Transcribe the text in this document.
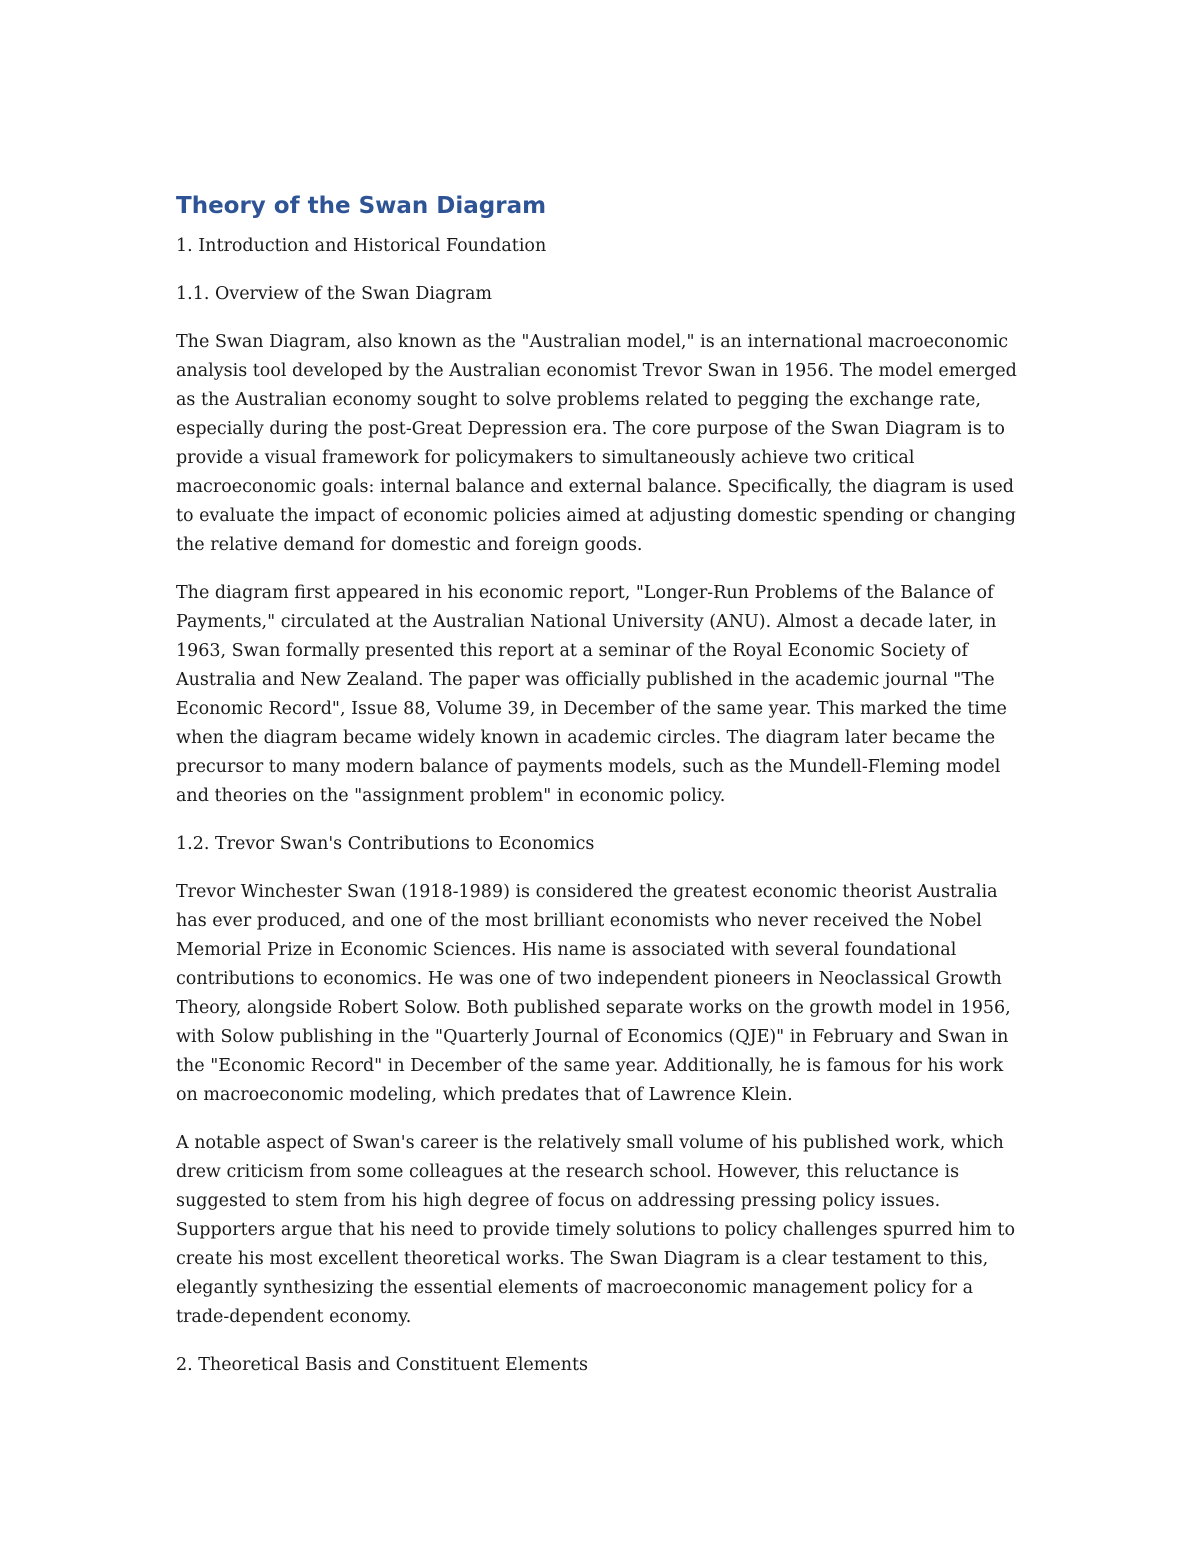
Theory of the Swan Diagram

1. Introduction and Historical Foundation

1.1. Overview of the Swan Diagram

The Swan Diagram, also known as the "Australian model," is an international macroeconomic analysis tool developed by the Australian economist Trevor Swan in 1956. The model emerged as the Australian economy sought to solve problems related to pegging the exchange rate, especially during the post-Great Depression era. The core purpose of the Swan Diagram is to provide a visual framework for policymakers to simultaneously achieve two critical macroeconomic goals: internal balance and external balance. Specifically, the diagram is used to evaluate the impact of economic policies aimed at adjusting domestic spending or changing the relative demand for domestic and foreign goods.

The diagram first appeared in his economic report, "Longer-Run Problems of the Balance of Payments," circulated at the Australian National University (ANU). Almost a decade later, in 1963, Swan formally presented this report at a seminar of the Royal Economic Society of Australia and New Zealand. The paper was officially published in the academic journal "The Economic Record", Issue 88, Volume 39, in December of the same year. This marked the time when the diagram became widely known in academic circles. The diagram later became the precursor to many modern balance of payments models, such as the Mundell-Fleming model and theories on the "assignment problem" in economic policy.

1.2. Trevor Swan's Contributions to Economics

Trevor Winchester Swan (1918-1989) is considered the greatest economic theorist Australia has ever produced, and one of the most brilliant economists who never received the Nobel Memorial Prize in Economic Sciences. His name is associated with several foundational contributions to economics. He was one of two independent pioneers in Neoclassical Growth Theory, alongside Robert Solow. Both published separate works on the growth model in 1956, with Solow publishing in the "Quarterly Journal of Economics (QJE)" in February and Swan in the "Economic Record" in December of the same year. Additionally, he is famous for his work on macroeconomic modeling, which predates that of Lawrence Klein.

A notable aspect of Swan's career is the relatively small volume of his published work, which drew criticism from some colleagues at the research school. However, this reluctance is suggested to stem from his high degree of focus on addressing pressing policy issues. Supporters argue that his need to provide timely solutions to policy challenges spurred him to create his most excellent theoretical works. The Swan Diagram is a clear testament to this, elegantly synthesizing the essential elements of macroeconomic management policy for a trade-dependent economy.

2. Theoretical Basis and Constituent Elements
